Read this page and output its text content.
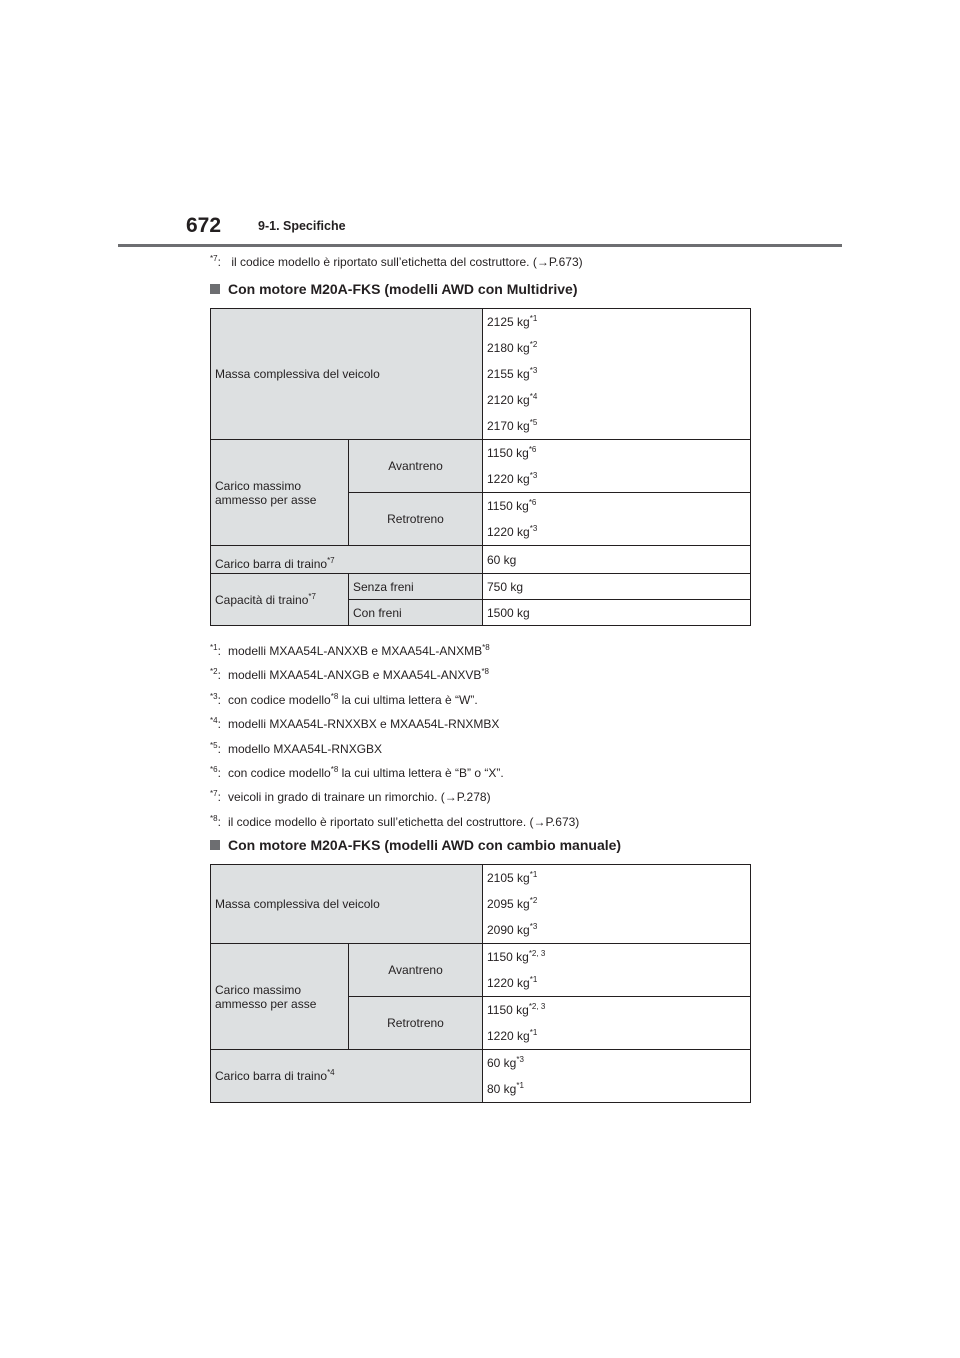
672	9-1. Specifiche
$^{*7}$: il codice modello è riportato sull’etichetta del costruttore. (→P.673)
Con motore M20A-FKS (modelli AWD con Multidrive)
Massa complessiva del veicolo		2125 $kg^{*1}$
2180 $kg^{*2}$
2155 $kg^{*3}$
2120 $kg^{*4}$
2170 $kg^{*5}$

Carico massimo ammesso per asse	Avantreno	1150 $kg^{*6}$
1220 $kg^{*3}$

	Retrotreno	1150 $kg^{*6}$
1220 $kg^{*3}$

Carico barra di traino$^{*7}$		60 kg
Capacità di traino$^{*7}$	Senza freni	750 kg
	Con freni	1500 kg
$^{*1}$: modelli MXAA54L-ANXXB e MXAA54L-ANXMB$^{*8}$
$^{*2}$: modelli MXAA54L-ANXGB e MXAA54L-ANXVB$^{*8}$
$^{*3}$: con codice modello$^{*8}$ la cui ultima lettera è “W”.
$^{*4}$: modelli MXAA54L-RNXXBX e MXAA54L-RNXMBX
$^{*5}$: modello MXAA54L-RNXGBX
$^{*6}$: con codice modello$^{*8}$ la cui ultima lettera è “B” o “X”.
$^{*7}$: veicoli in grado di trainare un rimorchio. (→P.278)
$^{*8}$: il codice modello è riportato sull’etichetta del costruttore. (→P.673)
Con motore M20A-FKS (modelli AWD con cambio manuale)
Massa complessiva del veicolo		2105 $kg^{*1}$
2095 $kg^{*2}$
2090 $kg^{*3}$

Carico massimo ammesso per asse	Avantreno	1150 kg$^{*2, 3}$
1220 $kg^{*1}$

	Retrotreno	1150 kg$^{*2, 3}$
1220 $kg^{*1}$

Carico barra di traino$^{*4}$		60 $kg^{*3}$
80 $kg^{*1}$
